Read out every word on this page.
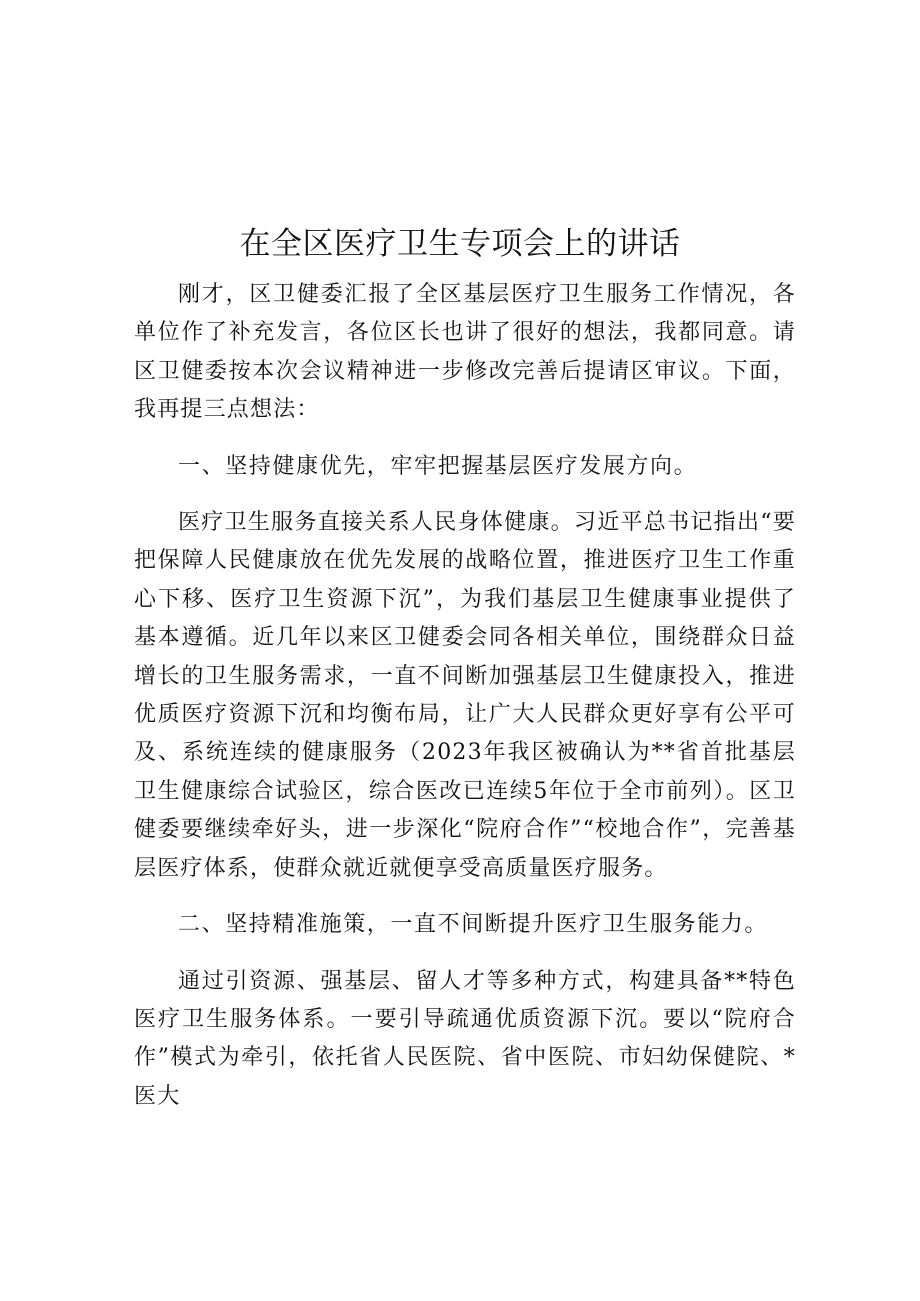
在全区医疗卫生专项会上的讲话

刚才，区卫健委汇报了全区基层医疗卫生服务工作情况，各单位作了补充发言，各位区长也讲了很好的想法，我都同意。请区卫健委按本次会议精神进一步修改完善后提请区审议。下面，我再提三点想法：

一、坚持健康优先，牢牢把握基层医疗发展方向。

医疗卫生服务直接关系人民身体健康。习近平总书记指出“要把保障人民健康放在优先发展的战略位置，推进医疗卫生工作重心下移、医疗卫生资源下沉”，为我们基层卫生健康事业提供了基本遵循。近几年以来区卫健委会同各相关单位，围绕群众日益增长的卫生服务需求，一直不间断加强基层卫生健康投入，推进优质医疗资源下沉和均衡布局，让广大人民群众更好享有公平可及、系统连续的健康服务（2023年我区被确认为**省首批基层卫生健康综合试验区，综合医改已连续5年位于全市前列）。区卫健委要继续牵好头，进一步深化“院府合作”“校地合作”，完善基层医疗体系，使群众就近就便享受高质量医疗服务。

二、坚持精准施策，一直不间断提升医疗卫生服务能力。

通过引资源、强基层、留人才等多种方式，构建具备**特色医疗卫生服务体系。一要引导疏通优质资源下沉。要以“院府合作”模式为牵引，依托省人民医院、省中医院、市妇幼保健院、*医大
